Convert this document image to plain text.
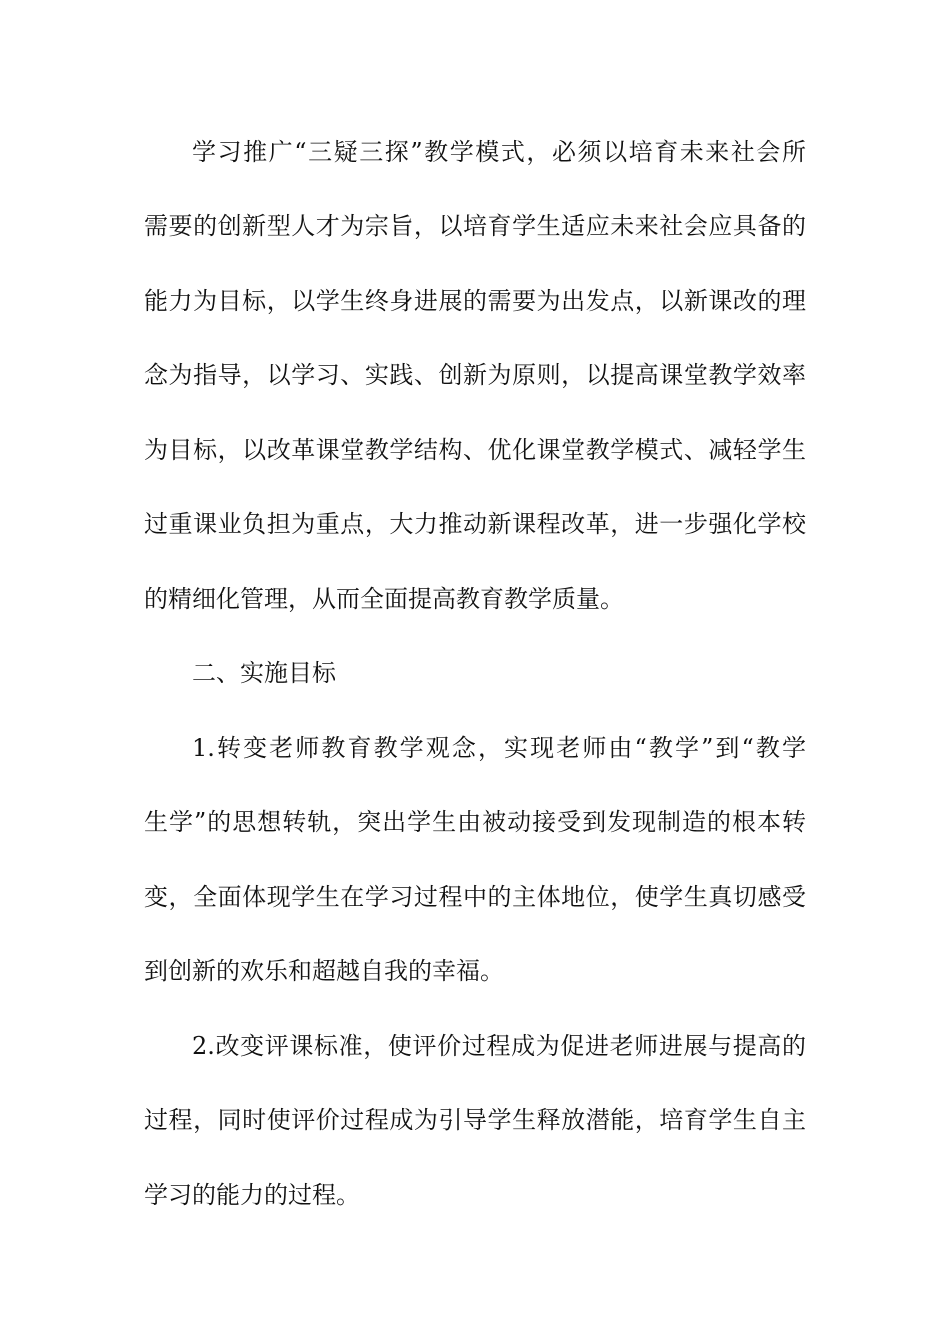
学习推广“三疑三探”教学模式，必须以培育未来社会所
需要的创新型人才为宗旨，以培育学生适应未来社会应具备的
能力为目标，以学生终身进展的需要为出发点，以新课改的理
念为指导，以学习、实践、创新为原则，以提高课堂教学效率
为目标，以改革课堂教学结构、优化课堂教学模式、减轻学生
过重课业负担为重点，大力推动新课程改革，进一步强化学校
的精细化管理，从而全面提高教育教学质量。
二、实施目标
1.转变老师教育教学观念，实现老师由“教学”到“教学
生学”的思想转轨，突出学生由被动接受到发现制造的根本转
变，全面体现学生在学习过程中的主体地位，使学生真切感受
到创新的欢乐和超越自我的幸福。
2.改变评课标准，使评价过程成为促进老师进展与提高的
过程，同时使评价过程成为引导学生释放潜能，培育学生自主
学习的能力的过程。
